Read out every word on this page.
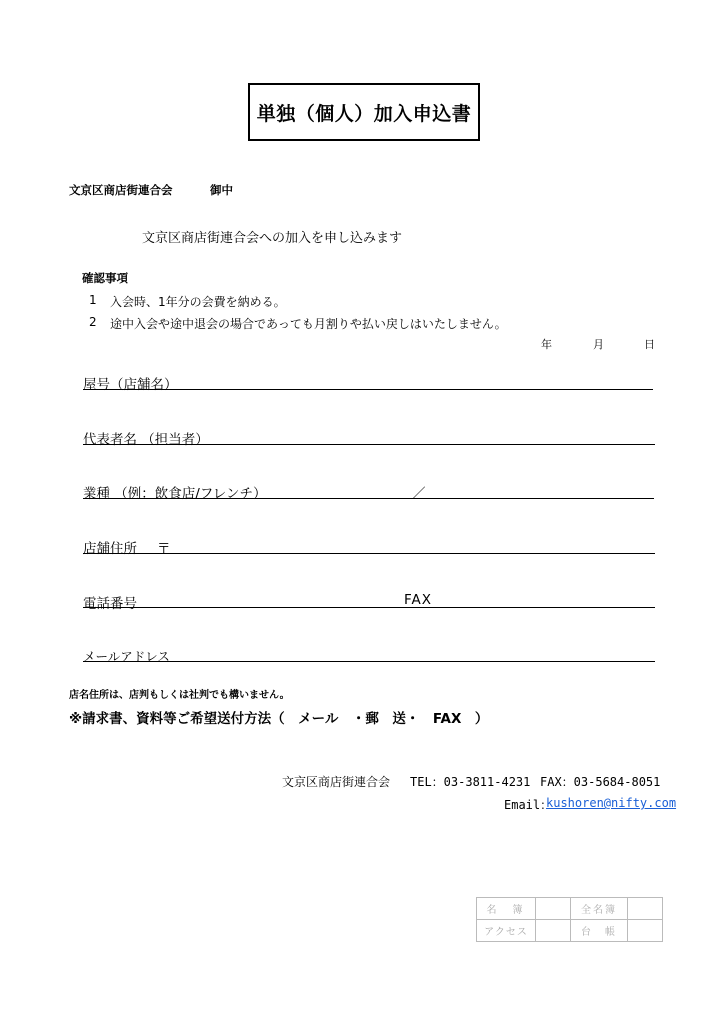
単独（個人）加入申込書
文京区商店街連合会	御中
文京区商店街連合会への加入を申し込みます
確認事項
1 入会時、1年分の会費を納める。
2 途中入会や途中退会の場合であっても月割りや払い戻しはいたしません。
年	月	日
屋号（店舗名）
代表者名 （担当者）
業種 （例：飲食店/フレンチ）	／
店舗住所 〒
電話番号	FAX
メールアドレス
店名住所は、店判もしくは社判でも構いません。
※請求書、資料等ご希望送付方法（　メール　・郵　送・　FAX　）
文京区商店街連合会 TEL：03-3811-4231 FAX：03-5684-8051
Email：
kushoren@nifty.com
名　簿		全名簿	
アクセス		台　帳	
